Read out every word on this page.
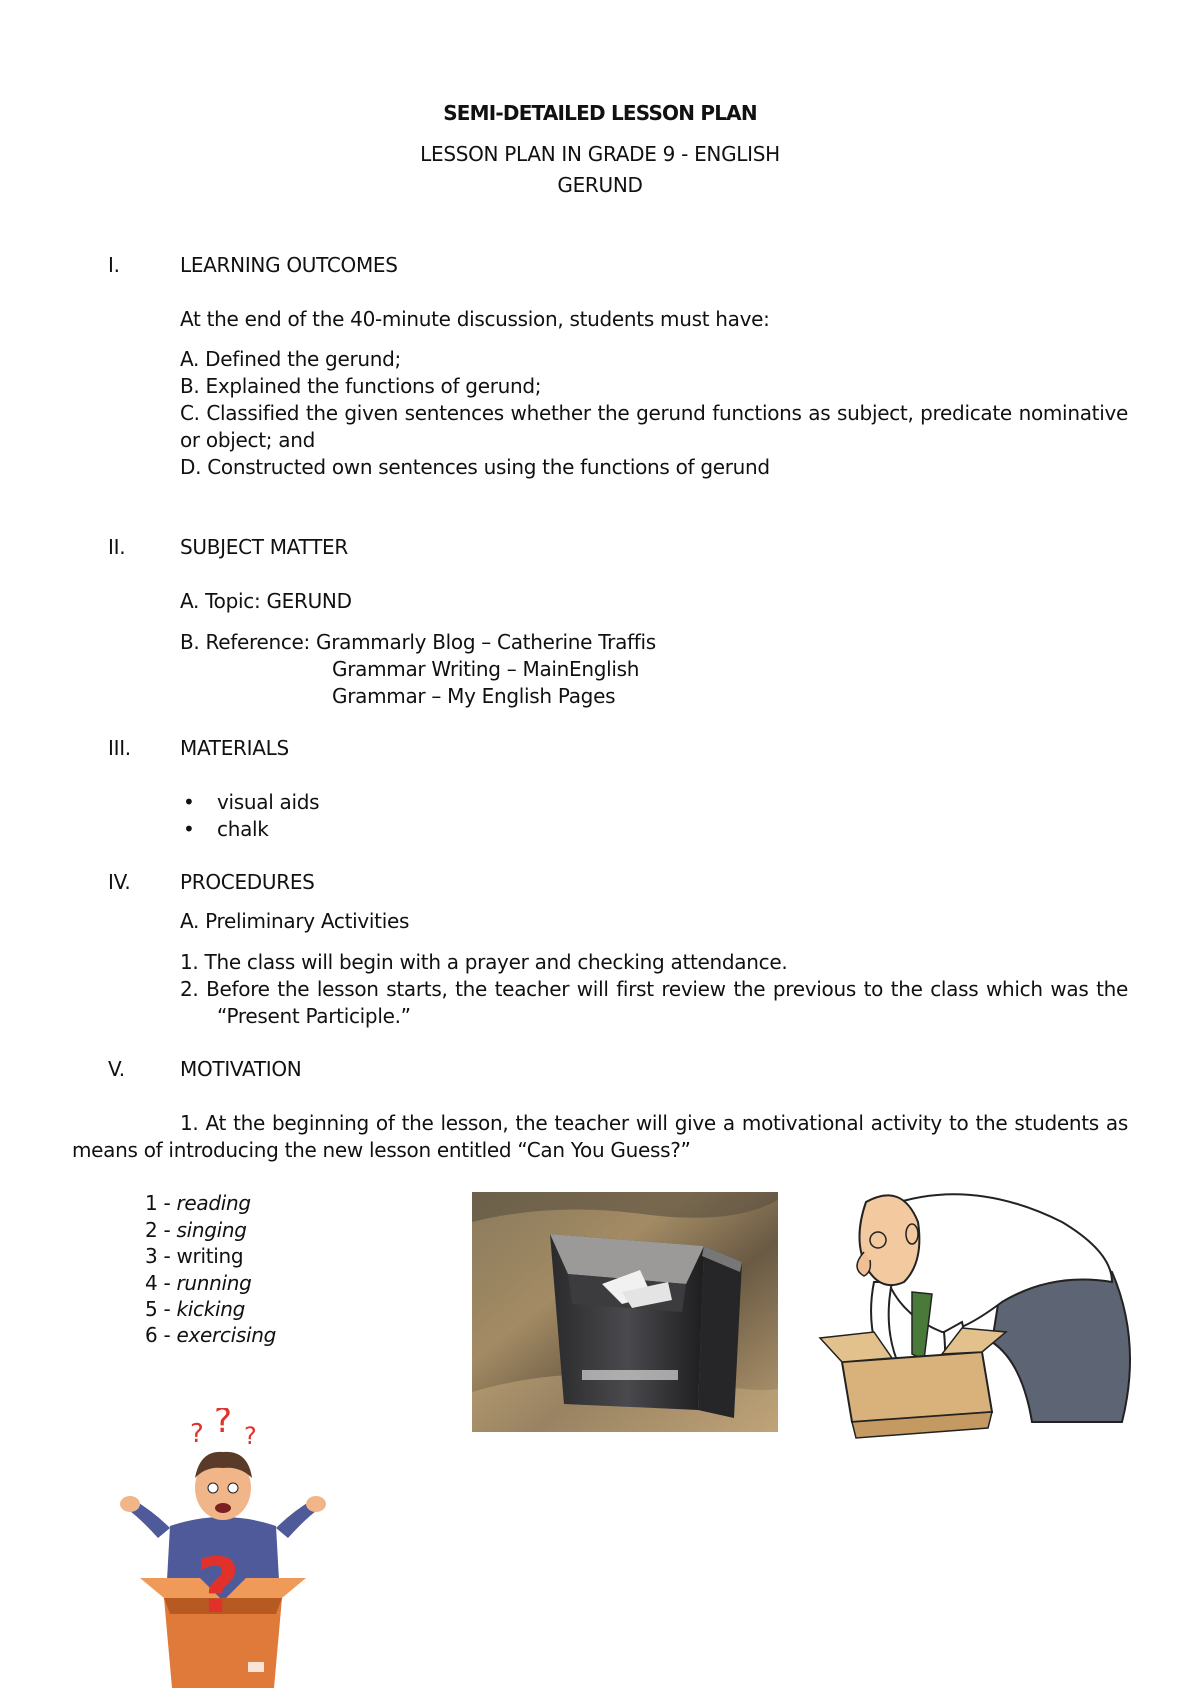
SEMI-DETAILED LESSON PLAN
LESSON PLAN IN GRADE 9 - ENGLISH
GERUND
I.	LEARNING OUTCOMES
At the end of the 40-minute discussion, students must have:
A. Defined the gerund;
B. Explained the functions of gerund;
C. Classified the given sentences whether the gerund functions as subject, predicate nominative
or object; and
D. Constructed own sentences using the functions of gerund
II.	SUBJECT MATTER
A. Topic: GERUND
B. Reference: Grammarly Blog – Catherine Traffis
Grammar Writing – MainEnglish
Grammar – My English Pages
III. MATERIALS
• visual aids
• chalk
IV. PROCEDURES
A. Preliminary Activities
1. The class will begin with a prayer and checking attendance.
2. Before the lesson starts, the teacher will first review the previous to the class which was the
“Present Participle.”
V.	MOTIVATION
1. At the beginning of the lesson, the teacher will give a motivational activity to the students as
means of introducing the new lesson entitled “Can You Guess?”
1 - reading
2 - singing
3 - writing
4 - running
5 - kicking
6 - exercising
? ? ?
?
